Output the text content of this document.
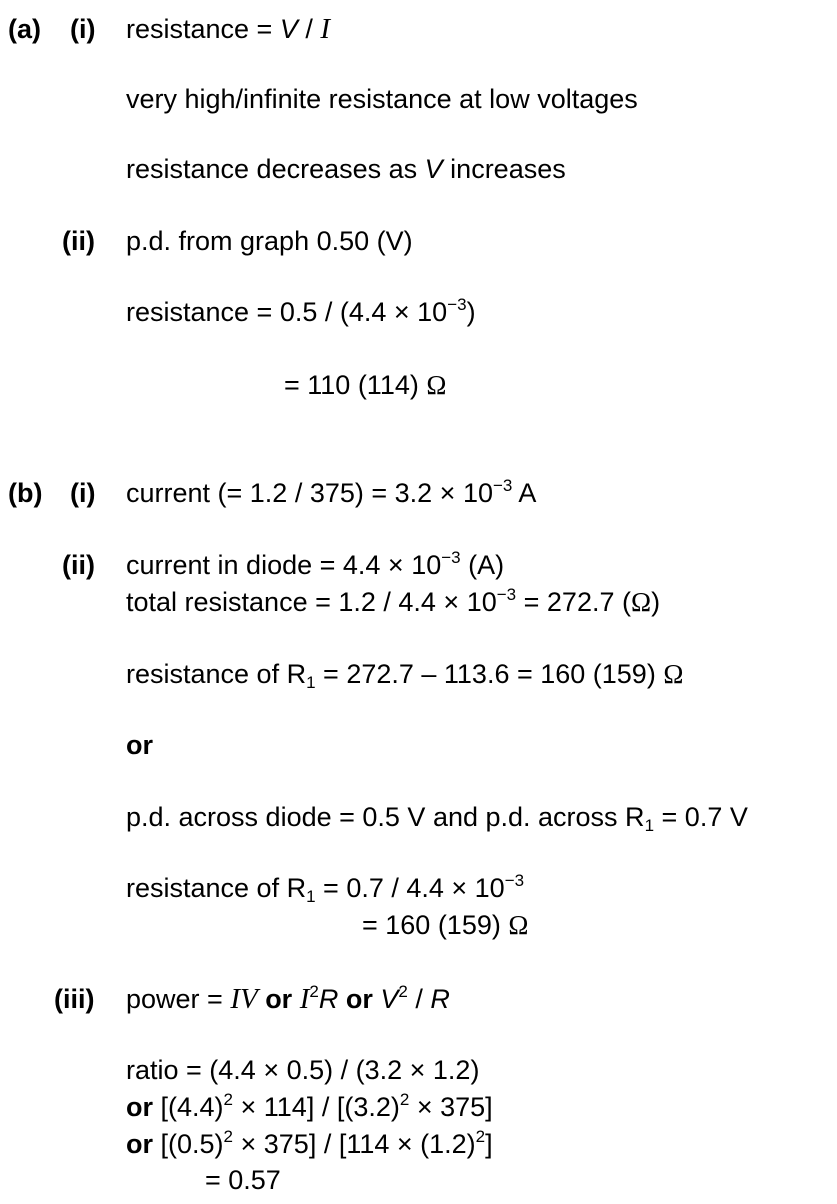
(a) (i) resistance = V / I
very high/infinite resistance at low voltages
resistance decreases as V increases
(ii) p.d. from graph 0.50 (V)
resistance = $0.5 / (4.4 \times 10^{-3})$
= 110 (114) Ω
(b) (i) current (= $1.2 / 375) = 3.2 \times 10^{-3}$ A
(ii) current in diode = $4.4 \times 10^{-3}$ (A)
total resistance = $1.2 / 4.4 \times 10^{-3} = 272.7$ (Ω)
resistance of $R_1 = 272.7 - 113.6 = 160$ (159) Ω
or
p.d. across diode = 0.5 V and p.d. across $R_1 = 0.7$ V
resistance of $R_1 = 0.7 / 4.4 \times 10^{-3}$
= 160 (159) Ω
(iii) power = IV or $I^2R$ or $V^2$ / R
ratio = (4.4 × 0.5) / (3.2 × 1.2)
or $[(4.4)^2 \times 114] / [(3.2)^2 \times 375]$
or $[(0.5)^2 \times 375] / [114 \times (1.2)^2]$
= 0.57
